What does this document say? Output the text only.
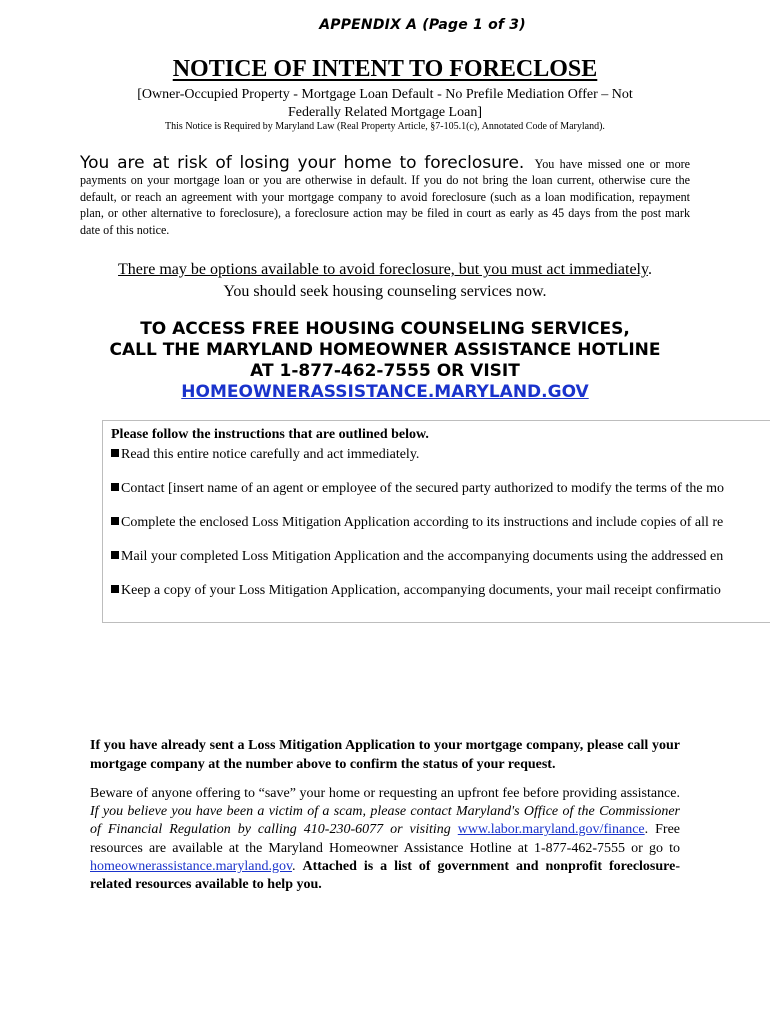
APPENDIX A (Page 1 of 3)
NOTICE OF INTENT TO FORECLOSE
[Owner-Occupied Property - Mortgage Loan Default - No Prefile Mediation Offer – Not Federally Related Mortgage Loan]
This Notice is Required by Maryland Law (Real Property Article, §7-105.1(c), Annotated Code of Maryland).
You are at risk of losing your home to foreclosure. You have missed one or more payments on your mortgage loan or you are otherwise in default. If you do not bring the loan current, otherwise cure the default, or reach an agreement with your mortgage company to avoid foreclosure (such as a loan modification, repayment plan, or other alternative to foreclosure), a foreclosure action may be filed in court as early as 45 days from the post mark date of this notice.
There may be options available to avoid foreclosure, but you must act immediately.
You should seek housing counseling services now.
TO ACCESS FREE HOUSING COUNSELING SERVICES,
CALL THE MARYLAND HOMEOWNER ASSISTANCE HOTLINE
AT 1-877-462-7555 OR VISIT
HOMEOWNERASSISTANCE.MARYLAND.GOV
Please follow the instructions that are outlined below.
Read this entire notice carefully and act immediately.
Contact [insert name of an agent or employee of the secured party authorized to modify the terms of the mo
Complete the enclosed Loss Mitigation Application according to its instructions and include copies of all re
Mail your completed Loss Mitigation Application and the accompanying documents using the addressed en
Keep a copy of your Loss Mitigation Application, accompanying documents, your mail receipt confirmatio
If you have already sent a Loss Mitigation Application to your mortgage company, please call your mortgage company at the number above to confirm the status of your request.
Beware of anyone offering to “save” your home or requesting an upfront fee before providing assistance. If you believe you have been a victim of a scam, please contact Maryland's Office of the Commissioner of Financial Regulation by calling 410-230-6077 or visiting www.labor.maryland.gov/finance. Free resources are available at the Maryland Homeowner Assistance Hotline at 1-877-462-7555 or go to homeownerassistance.maryland.gov. Attached is a list of government and nonprofit foreclosure-related resources available to help you.
